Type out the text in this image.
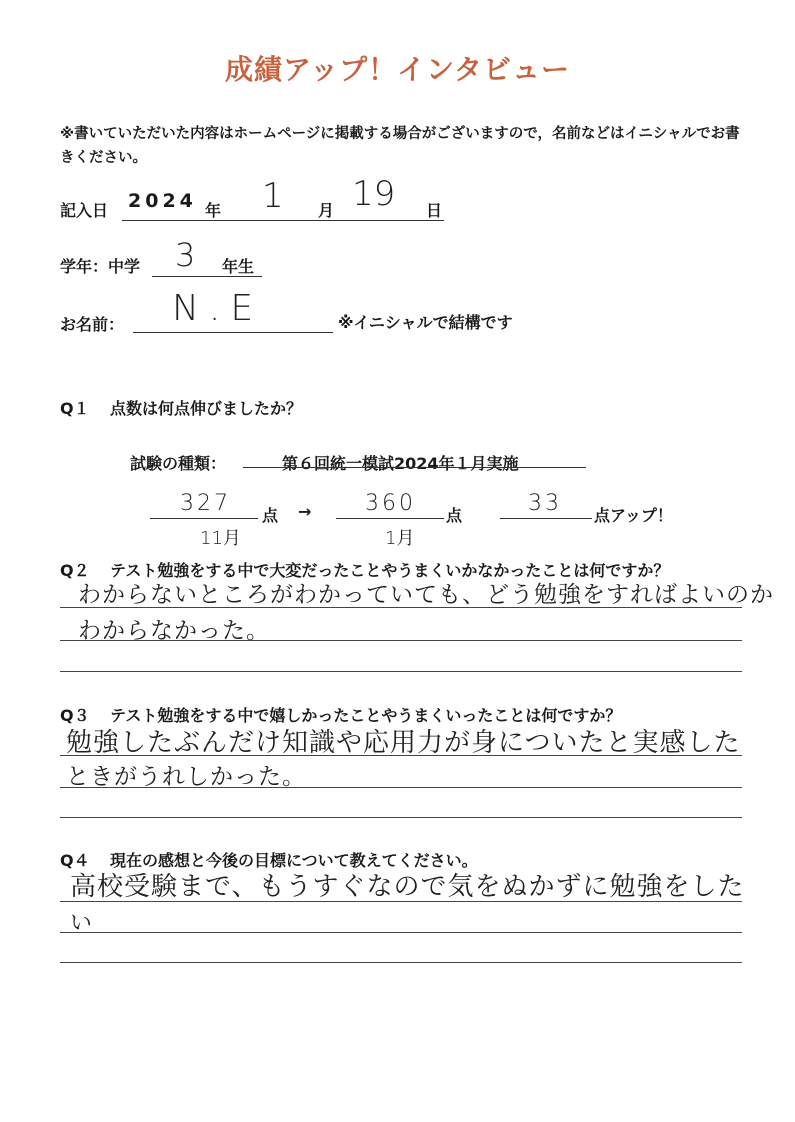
成績アップ！インタビュー
※書いていただいた内容はホームページに掲載する場合がございますので，名前などはイニシャルでお書きください。
記入日 2024 年 1 月 19 日
学年：中学 3 年生
お名前： N.E	※イニシャルで結構です
Q１ 点数は何点伸びましたか？
試験の種類：	第６回統一模試2024年１月実施
327
11月
点 → 360
1月
点	33 点アップ！
Q２ テスト勉強をする中で大変だったことやうまくいかなかったことは何ですか？
わからないところがわかっていても、どう勉強をすればよいのか
わからなかった。
Q３ テスト勉強をする中で嬉しかったことやうまくいったことは何ですか？
勉強したぶんだけ知識や応用力が身についたと実感した
ときがうれしかった。
Q４ 現在の感想と今後の目標について教えてください。
高校受験まで、もうすぐなので気をぬかずに勉強をした
い
